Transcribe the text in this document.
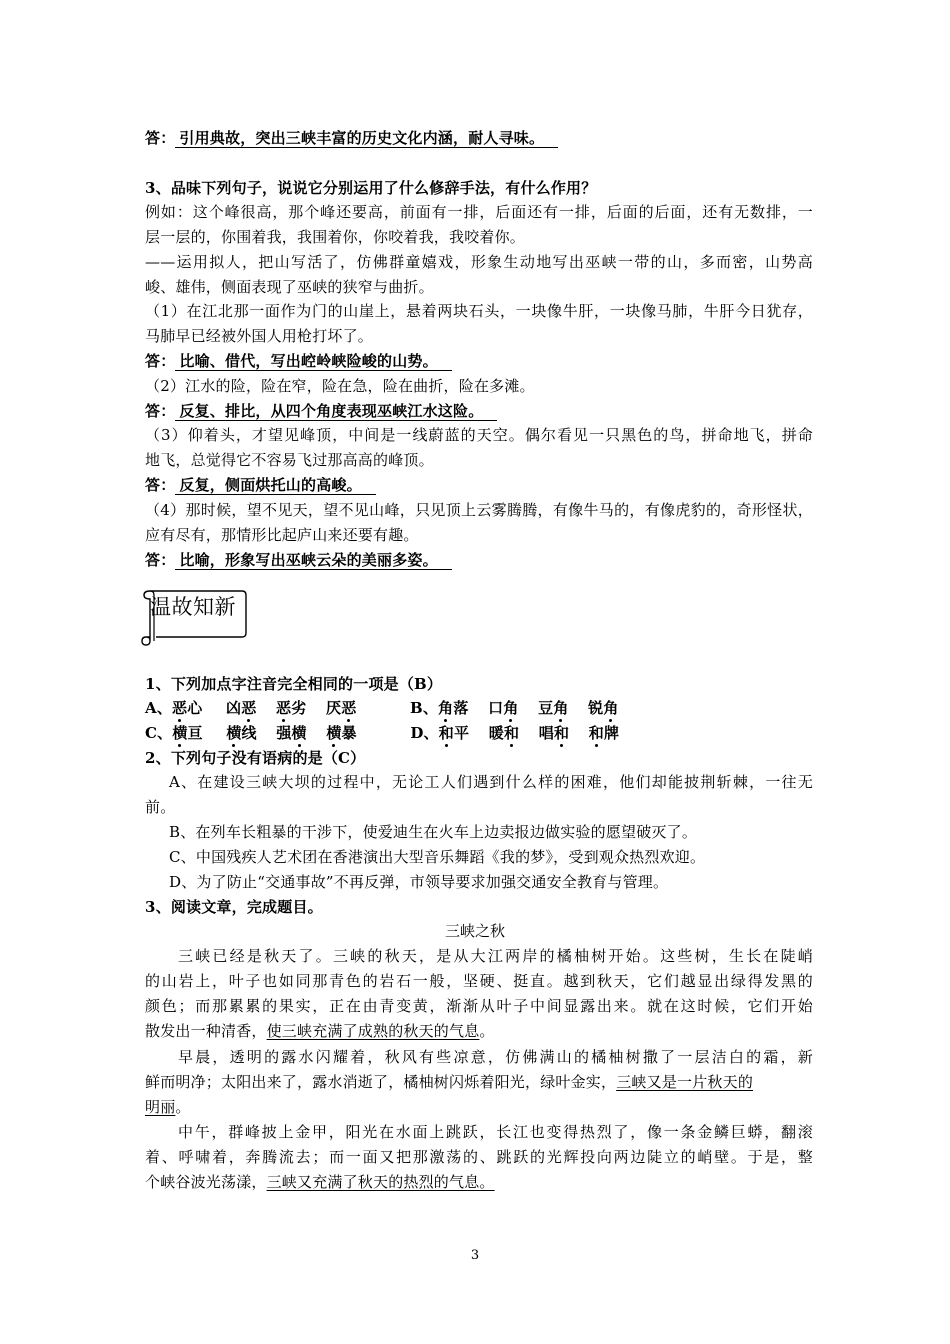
答： 引用典故，突出三峡丰富的历史文化内涵，耐人寻味。
3、品味下列句子，说说它分别运用了什么修辞手法，有什么作用？
例如：这个峰很高，那个峰还要高，前面有一排，后面还有一排，后面的后面，还有无数排，一
层一层的，你围着我，我围着你，你咬着我，我咬着你。
——运用拟人，把山写活了，仿佛群童嬉戏，形象生动地写出巫峡一带的山，多而密，山势高
峻、雄伟，侧面表现了巫峡的狭窄与曲折。
（1）在江北那一面作为门的山崖上，悬着两块石头，一块像牛肝，一块像马肺，牛肝今日犹存，
马肺早已经被外国人用枪打坏了。
答： 比喻、借代，写出崆岭峡险峻的山势。
（2）江水的险，险在窄，险在急，险在曲折，险在多滩。
答： 反复、排比，从四个角度表现巫峡江水这险。
（3）仰着头，才望见峰顶，中间是一线蔚蓝的天空。偶尔看见一只黑色的鸟，拼命地飞，拼命
地飞，总觉得它不容易飞过那高高的峰顶。
答： 反复，侧面烘托山的高峻。
（4）那时候，望不见天，望不见山峰，只见顶上云雾腾腾，有像牛马的，有像虎豹的，奇形怪状，
应有尽有，那情形比起庐山来还要有趣。
答： 比喻，形象写出巫峡云朵的美丽多姿。
温故知新
1、下列加点字注音完全相同的一项是（B）
A、恶心 凶恶 恶劣 厌恶	B、角落 口角 豆角 锐角
C、横亘 横线 强横 横暴	D、和平 暖和 唱和 和牌
2、下列句子没有语病的是（C）
A、在建设三峡大坝的过程中，无论工人们遇到什么样的困难，他们却能披荆斩棘，一往无
前。
B、在列车长粗暴的干涉下，使爱迪生在火车上边卖报边做实验的愿望破灭了。
C、中国残疾人艺术团在香港演出大型音乐舞蹈《我的梦》，受到观众热烈欢迎。
D、为了防止“交通事故”不再反弹，市领导要求加强交通安全教育与管理。
3、阅读文章，完成题目。
三峡之秋
三峡已经是秋天了。三峡的秋天，是从大江两岸的橘柚树开始。这些树，生长在陡峭
的山岩上，叶子也如同那青色的岩石一般，坚硬、挺直。越到秋天，它们越显出绿得发黑的
颜色；而那累累的果实，正在由青变黄，渐渐从叶子中间显露出来。就在这时候，它们开始
散发出一种清香，使三峡充满了成熟的秋天的气息。
早晨，透明的露水闪耀着，秋风有些凉意，仿佛满山的橘柚树撒了一层洁白的霜，新
鲜而明净；太阳出来了，露水消逝了，橘柚树闪烁着阳光，绿叶金实，三峡又是一片秋天的
明丽。
中午，群峰披上金甲，阳光在水面上跳跃，长江也变得热烈了，像一条金鳞巨蟒，翻滚
着、呼啸着，奔腾流去；而一面又把那激荡的、跳跃的光辉投向两边陡立的峭壁。于是，整
个峡谷波光荡漾，三峡又充满了秋天的热烈的气息。
3
